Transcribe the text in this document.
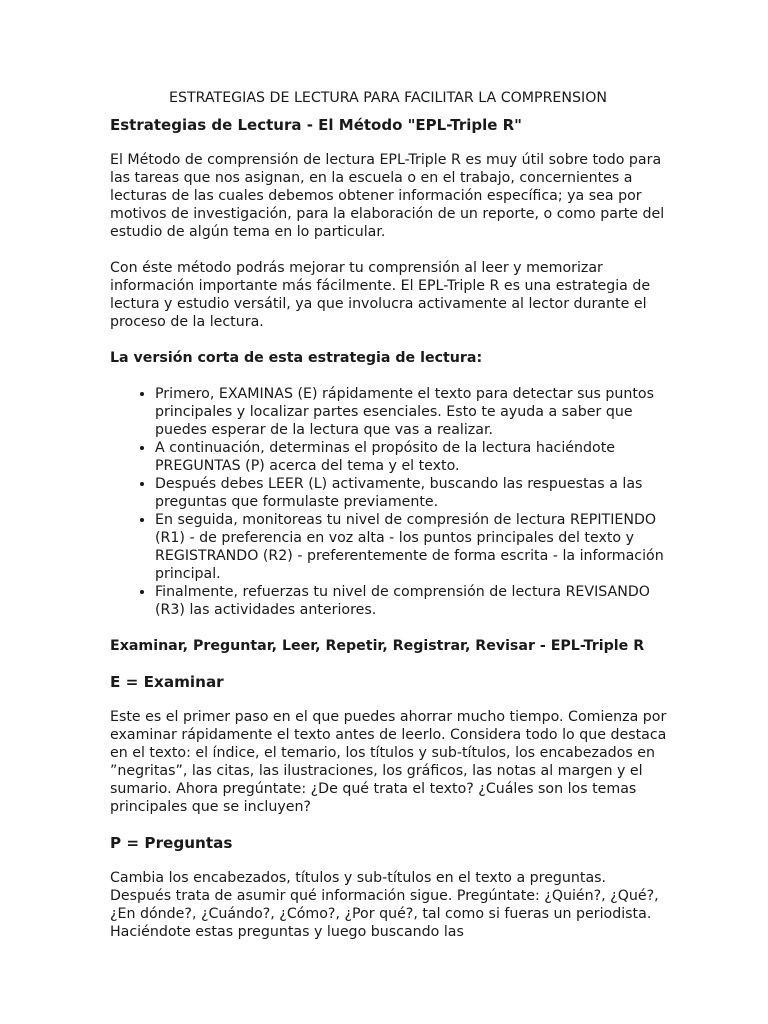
ESTRATEGIAS DE LECTURA PARA FACILITAR LA COMPRENSION
Estrategias de Lectura - El Método "EPL-Triple R"

El Método de comprensión de lectura EPL-Triple R es muy útil sobre todo para las tareas que nos asignan, en la escuela o en el trabajo, concernientes a lecturas de las cuales debemos obtener información específica; ya sea por motivos de investigación, para la elaboración de un reporte, o como parte del estudio de algún tema en lo particular.

Con éste método podrás mejorar tu comprensión al leer y memorizar información importante más fácilmente. El EPL-Triple R es una estrategia de lectura y estudio versátil, ya que involucra activamente al lector durante el proceso de la lectura.

La versión corta de esta estrategia de lectura:
• Primero, EXAMINAS (E) rápidamente el texto para detectar sus puntos principales y localizar partes esenciales. Esto te ayuda a saber que puedes esperar de la lectura que vas a realizar.
• A continuación, determinas el propósito de la lectura haciéndote PREGUNTAS (P) acerca del tema y el texto.
• Después debes LEER (L) activamente, buscando las respuestas a las preguntas que formulaste previamente.
• En seguida, monitoreas tu nivel de compresión de lectura REPITIENDO (R1) - de preferencia en voz alta - los puntos principales del texto y REGISTRANDO (R2) - preferentemente de forma escrita - la información principal.
• Finalmente, refuerzas tu nivel de comprensión de lectura REVISANDO (R3) las actividades anteriores.
Examinar, Preguntar, Leer, Repetir, Registrar, Revisar - EPL-Triple R
E = Examinar

Este es el primer paso en el que puedes ahorrar mucho tiempo. Comienza por examinar rápidamente el texto antes de leerlo. Considera todo lo que destaca en el texto: el índice, el temario, los títulos y sub-títulos, los encabezados en ”negritas”, las citas, las ilustraciones, los gráficos, las notas al margen y el sumario. Ahora pregúntate: ¿De qué trata el texto? ¿Cuáles son los temas principales que se incluyen?

P = Preguntas

Cambia los encabezados, títulos y sub-títulos en el texto a preguntas. Después trata de asumir qué información sigue. Pregúntate: ¿Quién?, ¿Qué?, ¿En dónde?, ¿Cuándo?, ¿Cómo?, ¿Por qué?, tal como si fueras un periodista. Haciéndote estas preguntas y luego buscando las
